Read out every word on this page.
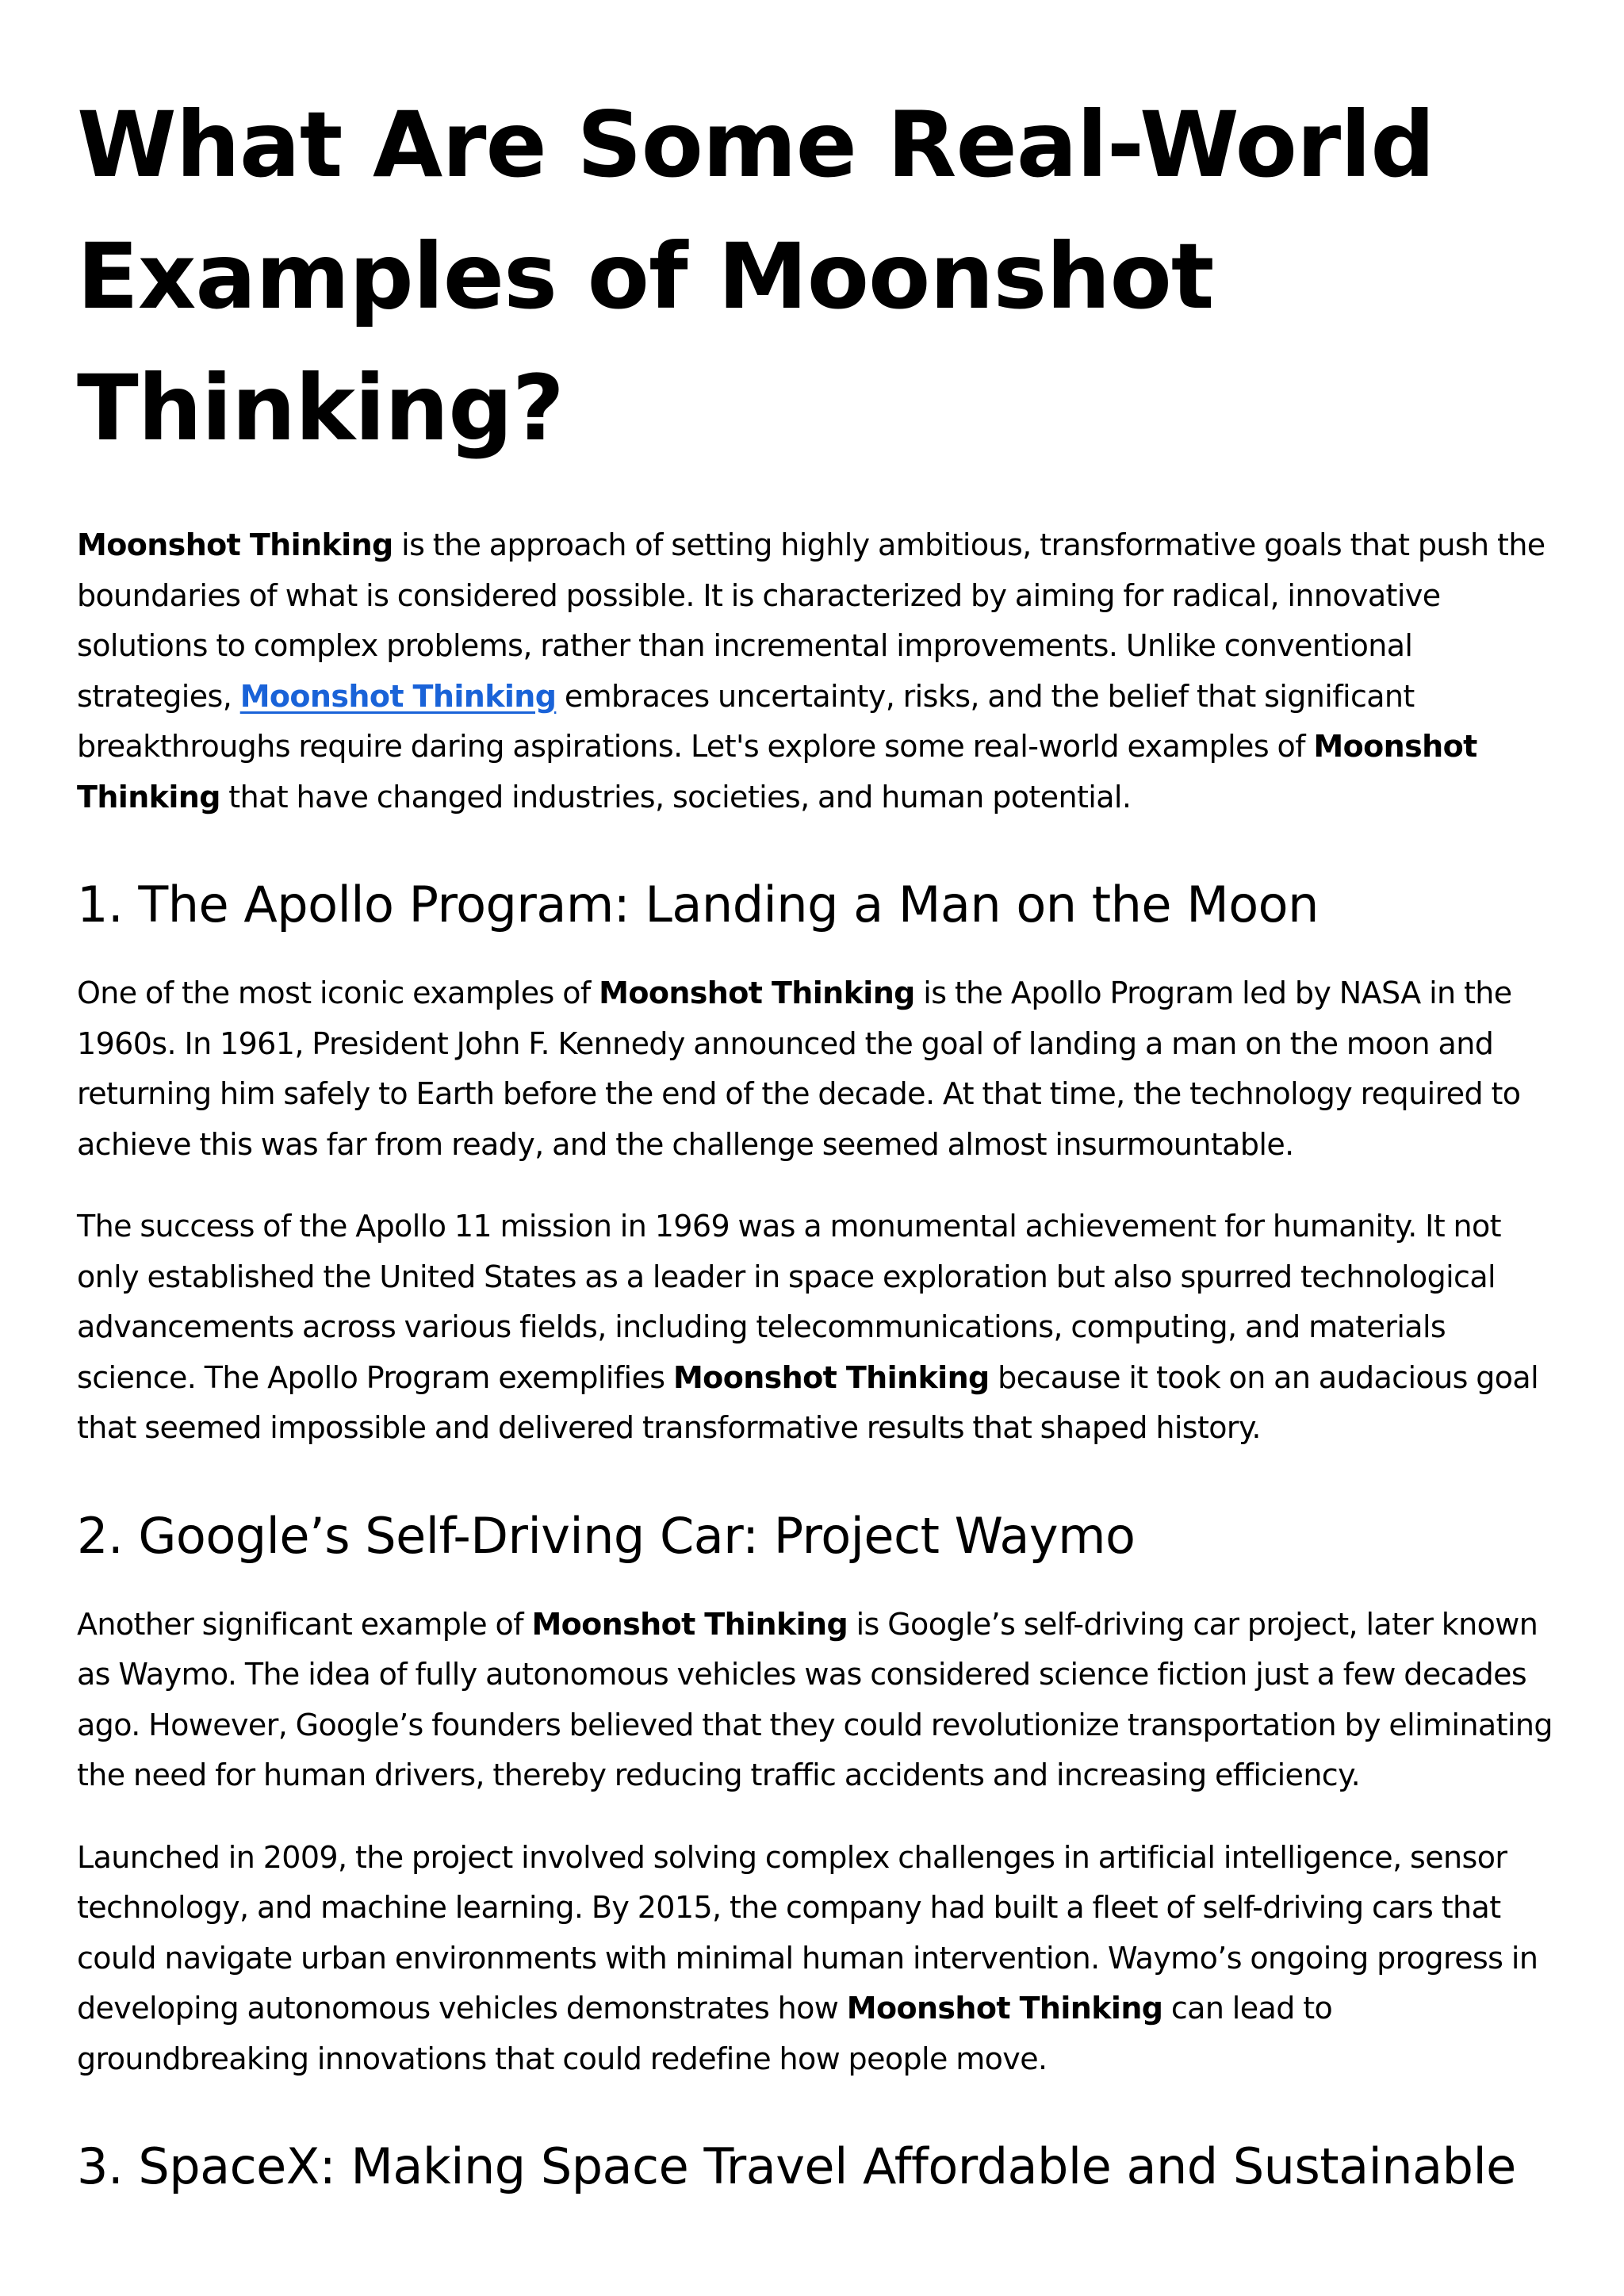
What Are Some Real-World Examples of Moonshot Thinking?

Moonshot Thinking is the approach of setting highly ambitious, transformative goals that push the boundaries of what is considered possible. It is characterized by aiming for radical, innovative solutions to complex problems, rather than incremental improvements. Unlike conventional strategies, Moonshot Thinking embraces uncertainty, risks, and the belief that significant breakthroughs require daring aspirations. Let's explore some real-world examples of Moonshot Thinking that have changed industries, societies, and human potential.

1. The Apollo Program: Landing a Man on the Moon

One of the most iconic examples of Moonshot Thinking is the Apollo Program led by NASA in the 1960s. In 1961, President John F. Kennedy announced the goal of landing a man on the moon and returning him safely to Earth before the end of the decade. At that time, the technology required to achieve this was far from ready, and the challenge seemed almost insurmountable.

The success of the Apollo 11 mission in 1969 was a monumental achievement for humanity. It not only established the United States as a leader in space exploration but also spurred technological advancements across various fields, including telecommunications, computing, and materials science. The Apollo Program exemplifies Moonshot Thinking because it took on an audacious goal that seemed impossible and delivered transformative results that shaped history.

2. Google’s Self-Driving Car: Project Waymo

Another significant example of Moonshot Thinking is Google’s self-driving car project, later known as Waymo. The idea of fully autonomous vehicles was considered science fiction just a few decades ago. However, Google’s founders believed that they could revolutionize transportation by eliminating the need for human drivers, thereby reducing traffic accidents and increasing efficiency.

Launched in 2009, the project involved solving complex challenges in artificial intelligence, sensor technology, and machine learning. By 2015, the company had built a fleet of self-driving cars that could navigate urban environments with minimal human intervention. Waymo’s ongoing progress in developing autonomous vehicles demonstrates how Moonshot Thinking can lead to groundbreaking innovations that could redefine how people move.

3. SpaceX: Making Space Travel Affordable and Sustainable
